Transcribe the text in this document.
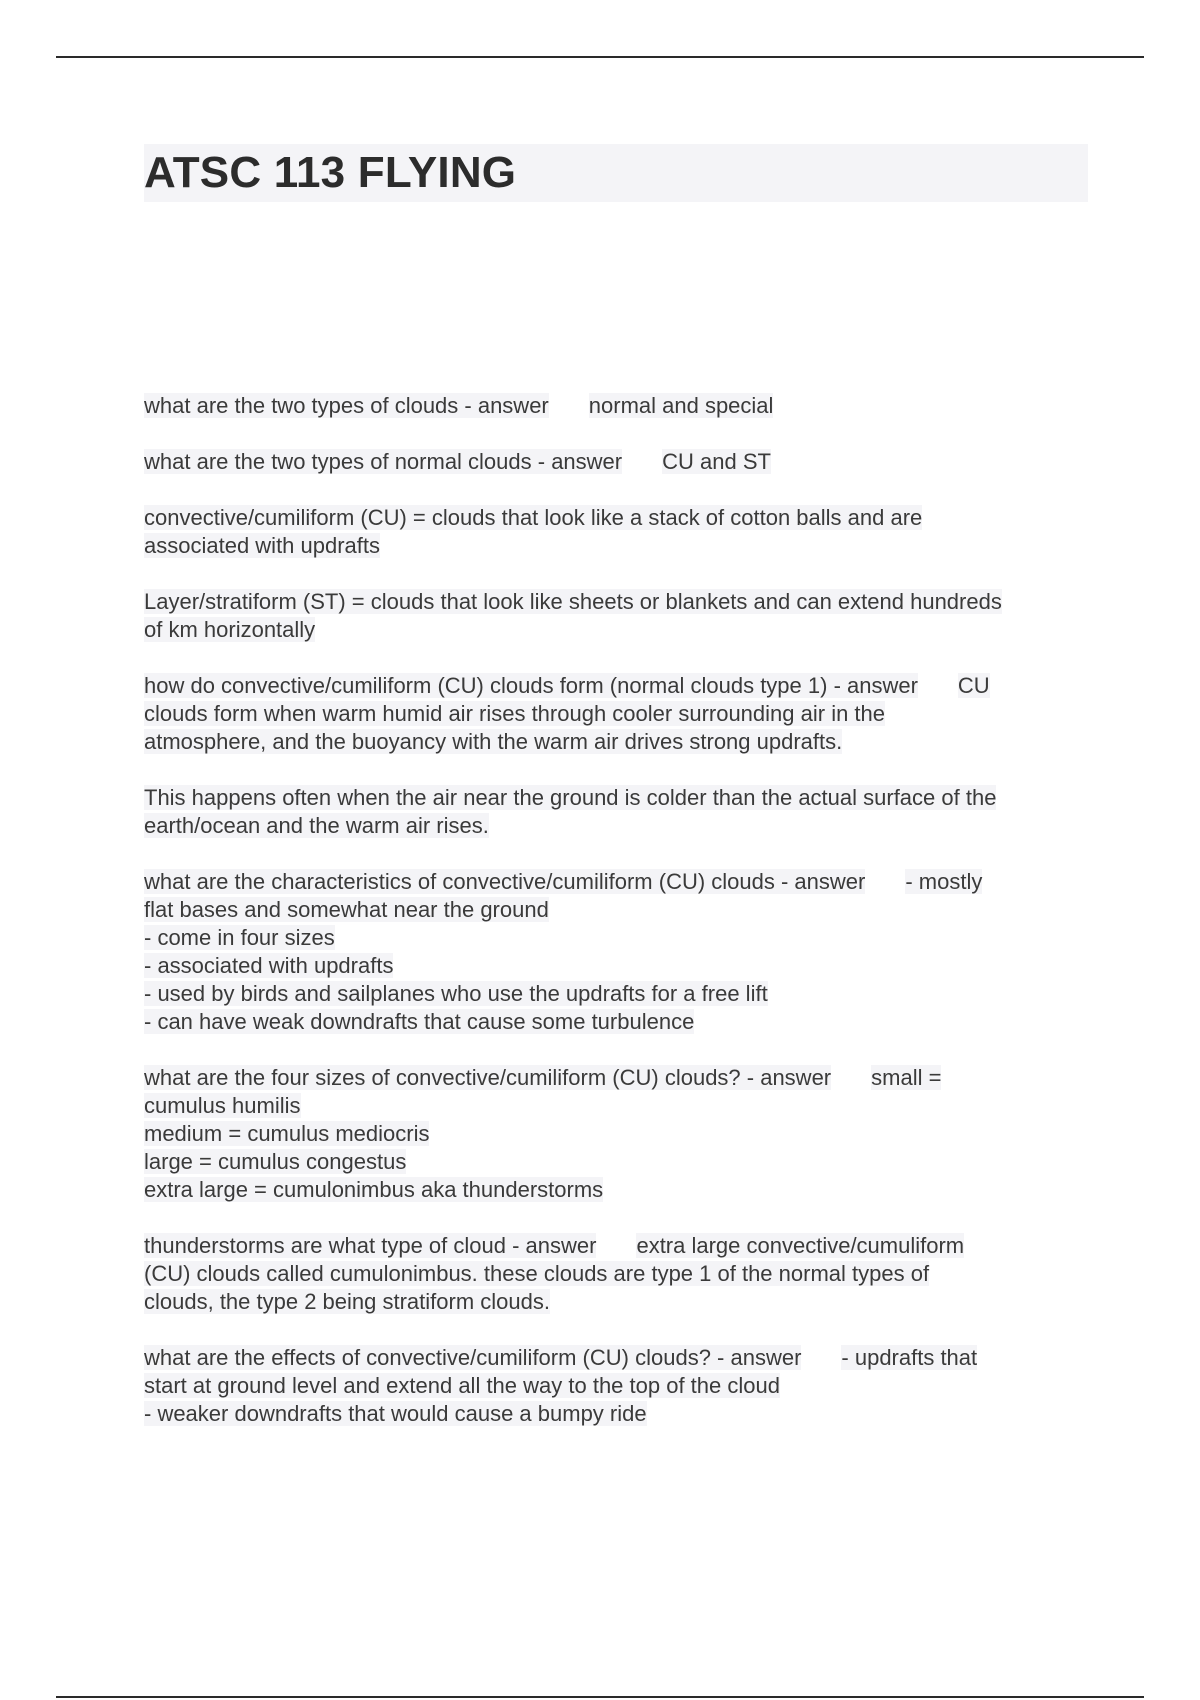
ATSC 113 FLYING
what are the two types of clouds - answer normal and special
what are the two types of normal clouds - answer CU and ST
convective/cumiliform (CU) = clouds that look like a stack of cotton balls and are
associated with updrafts
Layer/stratiform (ST) = clouds that look like sheets or blankets and can extend hundreds
of km horizontally
how do convective/cumiliform (CU) clouds form (normal clouds type 1) - answer CU
clouds form when warm humid air rises through cooler surrounding air in the
atmosphere, and the buoyancy with the warm air drives strong updrafts.
This happens often when the air near the ground is colder than the actual surface of the
earth/ocean and the warm air rises.
what are the characteristics of convective/cumiliform (CU) clouds - answer - mostly
flat bases and somewhat near the ground
- come in four sizes
- associated with updrafts
- used by birds and sailplanes who use the updrafts for a free lift
- can have weak downdrafts that cause some turbulence
what are the four sizes of convective/cumiliform (CU) clouds? - answer small =
cumulus humilis
medium = cumulus mediocris
large = cumulus congestus
extra large = cumulonimbus aka thunderstorms
thunderstorms are what type of cloud - answer extra large convective/cumuliform
(CU) clouds called cumulonimbus. these clouds are type 1 of the normal types of
clouds, the type 2 being stratiform clouds.
what are the effects of convective/cumiliform (CU) clouds? - answer - updrafts that
start at ground level and extend all the way to the top of the cloud
- weaker downdrafts that would cause a bumpy ride
